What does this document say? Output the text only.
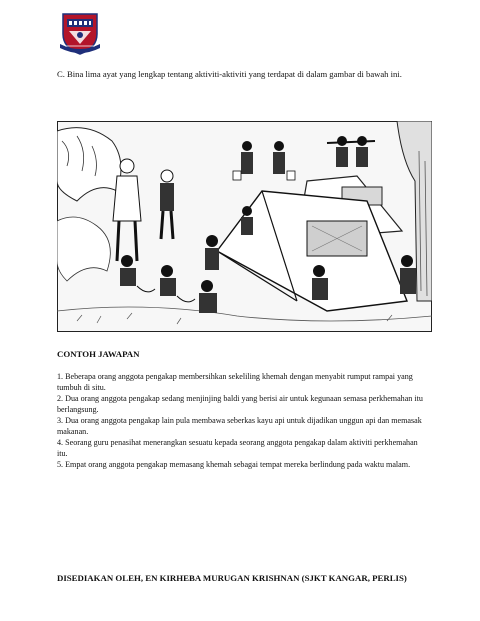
C. Bina lima ayat yang lengkap tentang aktiviti-aktiviti yang terdapat di dalam gambar di bawah ini.
CONTOH JAWAPAN
1. Beberapa orang anggota pengakap membersihkan sekeliling khemah dengan menyabit rumput rampai yang tumbuh di situ.
2. Dua orang anggota pengakap sedang menjinjing baldi yang berisi air untuk kegunaan semasa perkhemahan itu berlangsung.
3. Dua orang anggota pengakap lain pula membawa seberkas kayu api untuk dijadikan unggun api dan memasak makanan.
4. Seorang guru penasihat menerangkan sesuatu kepada seorang anggota pengakap dalam aktiviti perkhemahan itu.
5. Empat orang anggota pengakap memasang khemah sebagai tempat mereka berlindung pada waktu malam.
DISEDIAKAN OLEH, EN KIRHEBA MURUGAN KRISHNAN (SJKT KANGAR, PERLIS)
